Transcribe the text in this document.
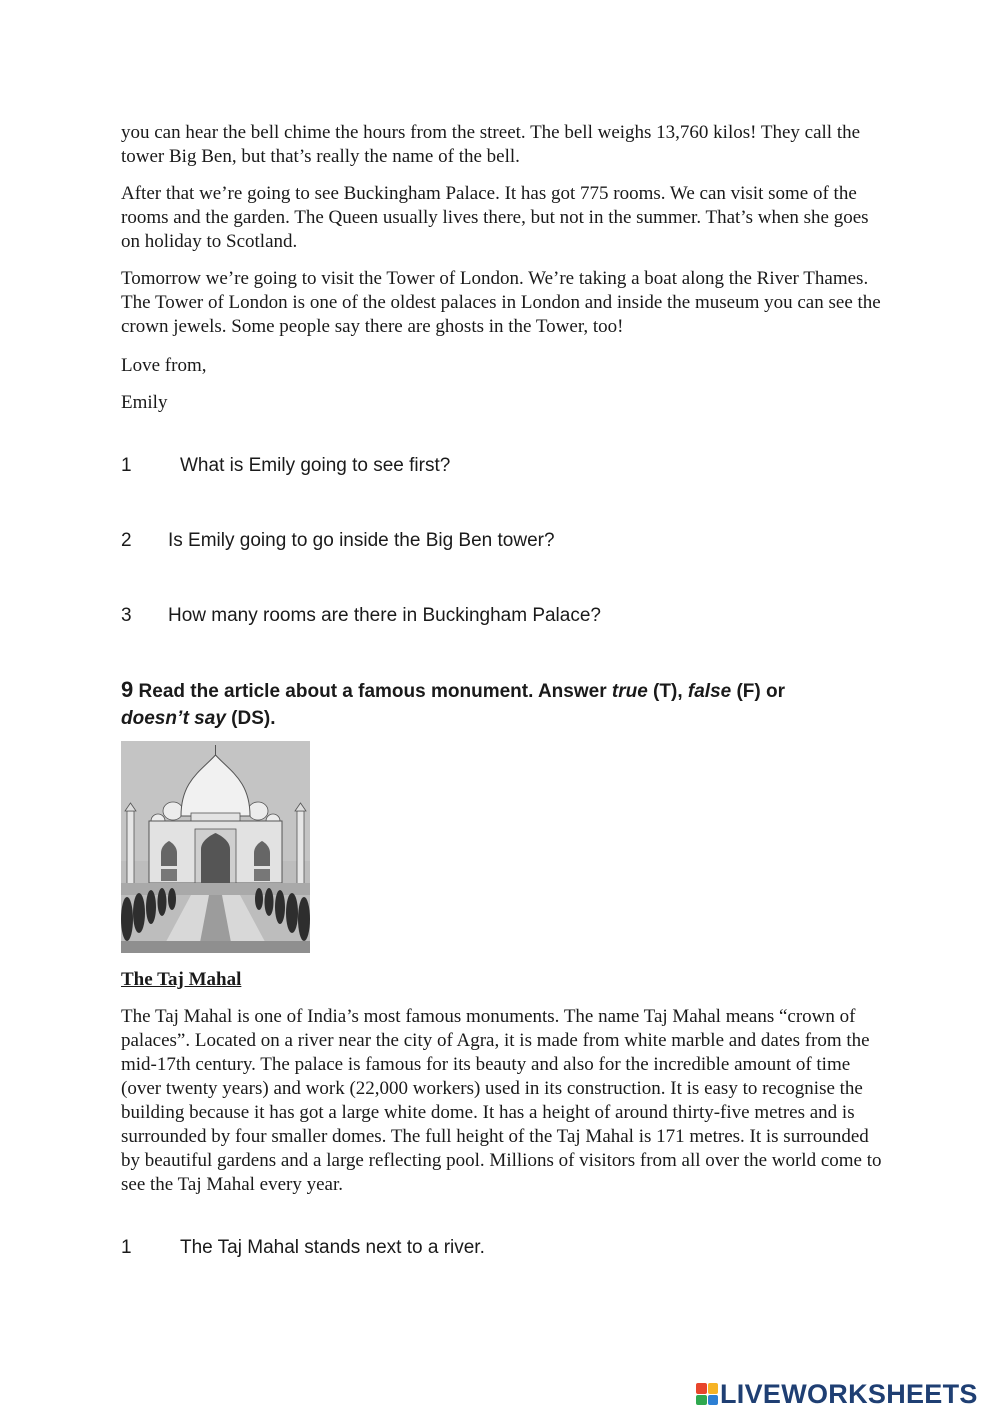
you can hear the bell chime the hours from the street. The bell weighs 13,760 kilos! They call the tower Big Ben, but that’s really the name of the bell.

After that we’re going to see Buckingham Palace. It has got 775 rooms. We can visit some of the rooms and the garden. The Queen usually lives there, but not in the summer. That’s when she goes on holiday to Scotland.

Tomorrow we’re going to visit the Tower of London. We’re taking a boat along the River Thames. The Tower of London is one of the oldest palaces in London and inside the museum you can see the crown jewels. Some people say there are ghosts in the Tower, too!

Love from,

Emily

1	What is Emily going to see first?
2 Is Emily going to go inside the Big Ben tower?
3 How many rooms are there in Buckingham Palace?
9 Read the article about a famous monument. Answer true (T), false (F) or
doesn’t say (DS).
The Taj Mahal

The Taj Mahal is one of India’s most famous monuments. The name Taj Mahal means “crown of palaces”. Located on a river near the city of Agra, it is made from white marble and dates from the mid-17th century. The palace is famous for its beauty and also for the incredible amount of time (over twenty years) and work (22,000 workers) used in its construction. It is easy to recognise the building because it has got a large white dome. It has a height of around thirty-five metres and is surrounded by four smaller domes. The full height of the Taj Mahal is 171 metres. It is surrounded by beautiful gardens and a large reflecting pool. Millions of visitors from all over the world come to see the Taj Mahal every year.

1	The Taj Mahal stands next to a river.
LIVEWORKSHEETS
